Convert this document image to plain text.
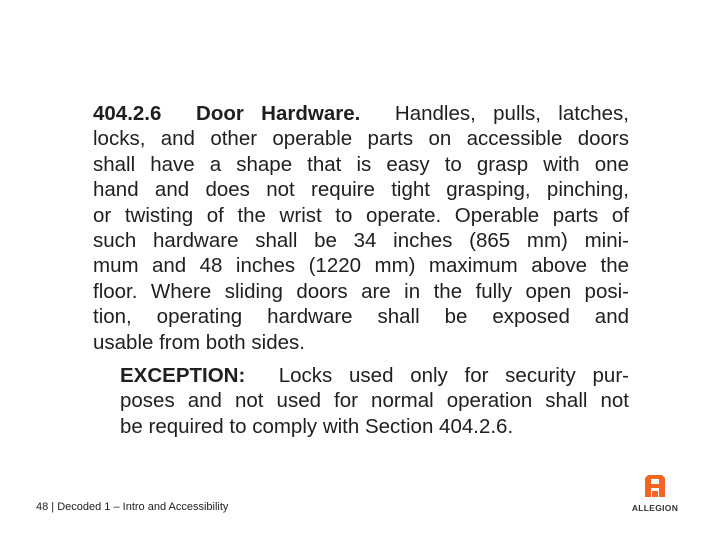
404.2.6 Door Hardware. Handles, pulls, latches,
locks, and other operable parts on accessible doors
shall have a shape that is easy to grasp with one
hand and does not require tight grasping, pinching,
or twisting of the wrist to operate. Operable parts of
such hardware shall be 34 inches (865 mm) mini-
mum and 48 inches (1220 mm) maximum above the
floor. Where sliding doors are in the fully open posi-
tion, operating hardware shall be exposed and
usable from both sides.
EXCEPTION: Locks used only for security pur-
poses and not used for normal operation shall not
be required to comply with Section 404.2.6.
48 | Decoded 1 – Intro and Accessibility	ALLEGION
